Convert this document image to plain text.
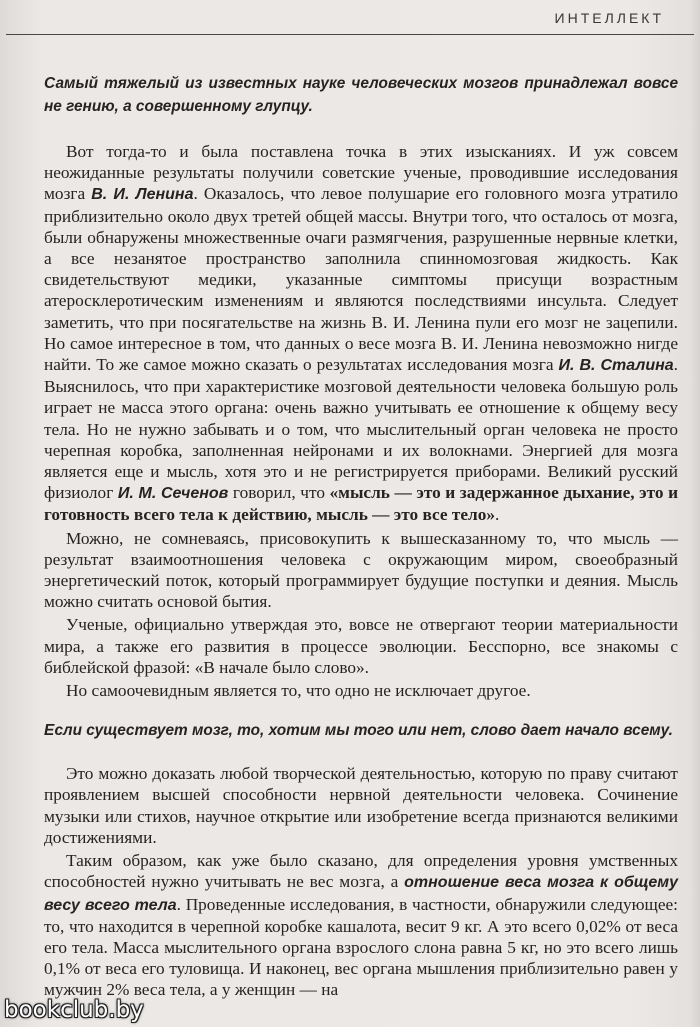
ИНТЕЛЛЕКТ

Самый тяжелый из известных науке человеческих мозгов принадлежал вовсе не гению, а совершенному глупцу.

Вот тогда-то и была поставлена точка в этих изысканиях. И уж совсем неожиданные результаты получили советские ученые, проводившие исследования мозга В. И. Ленина. Оказалось, что левое полушарие его головного мозга утратило приблизительно около двух третей общей массы. Внутри того, что осталось от мозга, были обнаружены множественные очаги размягчения, разрушенные нервные клетки, а все незанятое пространство заполнила спинномозговая жидкость. Как свидетельствуют медики, указанные симптомы присущи возрастным атеросклеротическим изменениям и являются последствиями инсульта. Следует заметить, что при посягательстве на жизнь В. И. Ленина пули его мозг не зацепили. Но самое интересное в том, что данных о весе мозга В. И. Ленина невозможно нигде найти. То же самое можно сказать о результатах исследования мозга И. В. Сталина. Выяснилось, что при характеристике мозговой деятельности человека большую роль играет не масса этого органа: очень важно учитывать ее отношение к общему весу тела. Но не нужно забывать и о том, что мыслительный орган человека не просто черепная коробка, заполненная нейронами и их волокнами. Энергией для мозга является еще и мысль, хотя это и не регистрируется приборами. Великий русский физиолог И. М. Сеченов говорил, что «мысль — это и задержанное дыхание, это и готовность всего тела к действию, мысль — это все тело».

Можно, не сомневаясь, присовокупить к вышесказанному то, что мысль — результат взаимоотношения человека с окружающим миром, своеобразный энергетический поток, который программирует будущие поступки и деяния. Мысль можно считать основой бытия.

Ученые, официально утверждая это, вовсе не отвергают теории материальности мира, а также его развития в процессе эволюции. Бесспорно, все знакомы с библейской фразой: «В начале было слово».

Но самоочевидным является то, что одно не исключает другое.

Если существует мозг, то, хотим мы того или нет, слово дает начало всему.

Это можно доказать любой творческой деятельностью, которую по праву считают проявлением высшей способности нервной деятельности человека. Сочинение музыки или стихов, научное открытие или изобретение всегда признаются великими достижениями.

Таким образом, как уже было сказано, для определения уровня умственных способностей нужно учитывать не вес мозга, а отношение веса мозга к общему весу всего тела. Проведенные исследования, в частности, обнаружили следующее: то, что находится в черепной коробке кашалота, весит 9 кг. А это всего 0,02% от веса его тела. Масса мыслительного органа взрослого слона равна 5 кг, но это всего лишь 0,1% от веса его туловища. И наконец, вес органа мышления приблизительно равен у мужчин 2% веса тела, а у женщин — на

bookclub.by
